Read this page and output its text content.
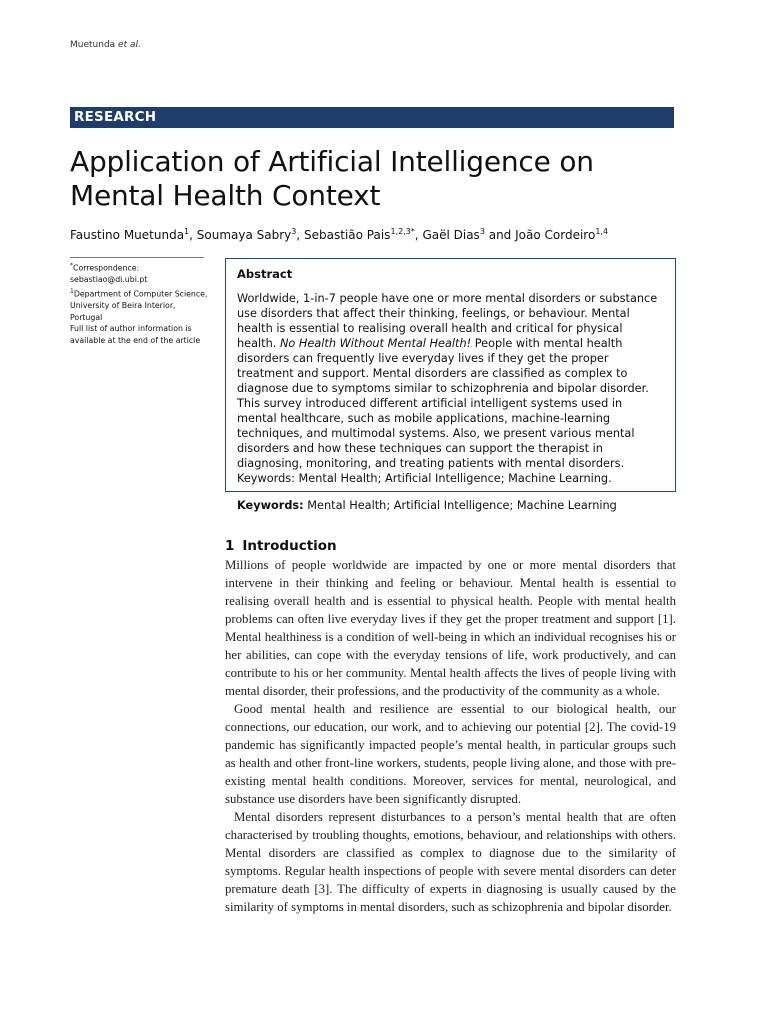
Muetunda et al.
RESEARCH
Application of Artificial Intelligence on Mental Health Context
Faustino Muetunda$^1$, Soumaya Sabry$^3$, Sebastião Pais$^{1,2,3*}$, Gaël Dias$^3$ and João Cordeiro$^{1,4}$
*Correspondence:
sebastiao@di.ubi.pt
$^1$Department of Computer Science, University of Beira Interior, Portugal
Full list of author information is available at the end of the article
Abstract
Worldwide, 1-in-7 people have one or more mental disorders or substance use disorders that affect their thinking, feelings, or behaviour. Mental health is essential to realising overall health and critical for physical health. No Health Without Mental Health! People with mental health disorders can frequently live everyday lives if they get the proper treatment and support. Mental disorders are classified as complex to diagnose due to symptoms similar to schizophrenia and bipolar disorder. This survey introduced different artificial intelligent systems used in mental healthcare, such as mobile applications, machine-learning techniques, and multimodal systems. Also, we present various mental disorders and how these techniques can support the therapist in diagnosing, monitoring, and treating patients with mental disorders. Keywords: Mental Health; Artificial Intelligence; Machine Learning.
Keywords: Mental Health; Artificial Intelligence; Machine Learning
1 Introduction

Millions of people worldwide are impacted by one or more mental disorders that intervene in their thinking and feeling or behaviour. Mental health is essential to realising overall health and is essential to physical health. People with mental health problems can often live everyday lives if they get the proper treatment and support [1]. Mental healthiness is a condition of well-being in which an individual recognises his or her abilities, can cope with the everyday tensions of life, work productively, and can contribute to his or her community. Mental health affects the lives of people living with mental disorder, their professions, and the productivity of the community as a whole.

Good mental health and resilience are essential to our biological health, our connections, our education, our work, and to achieving our potential [2]. The covid-19 pandemic has significantly impacted people’s mental health, in particular groups such as health and other front-line workers, students, people living alone, and those with pre-existing mental health conditions. Moreover, services for mental, neurological, and substance use disorders have been significantly disrupted.

Mental disorders represent disturbances to a person’s mental health that are often characterised by troubling thoughts, emotions, behaviour, and relationships with others. Mental disorders are classified as complex to diagnose due to the similarity of symptoms. Regular health inspections of people with severe mental disorders can deter premature death [3]. The difficulty of experts in diagnosing is usually caused by the similarity of symptoms in mental disorders, such as schizophrenia and bipolar disorder.
